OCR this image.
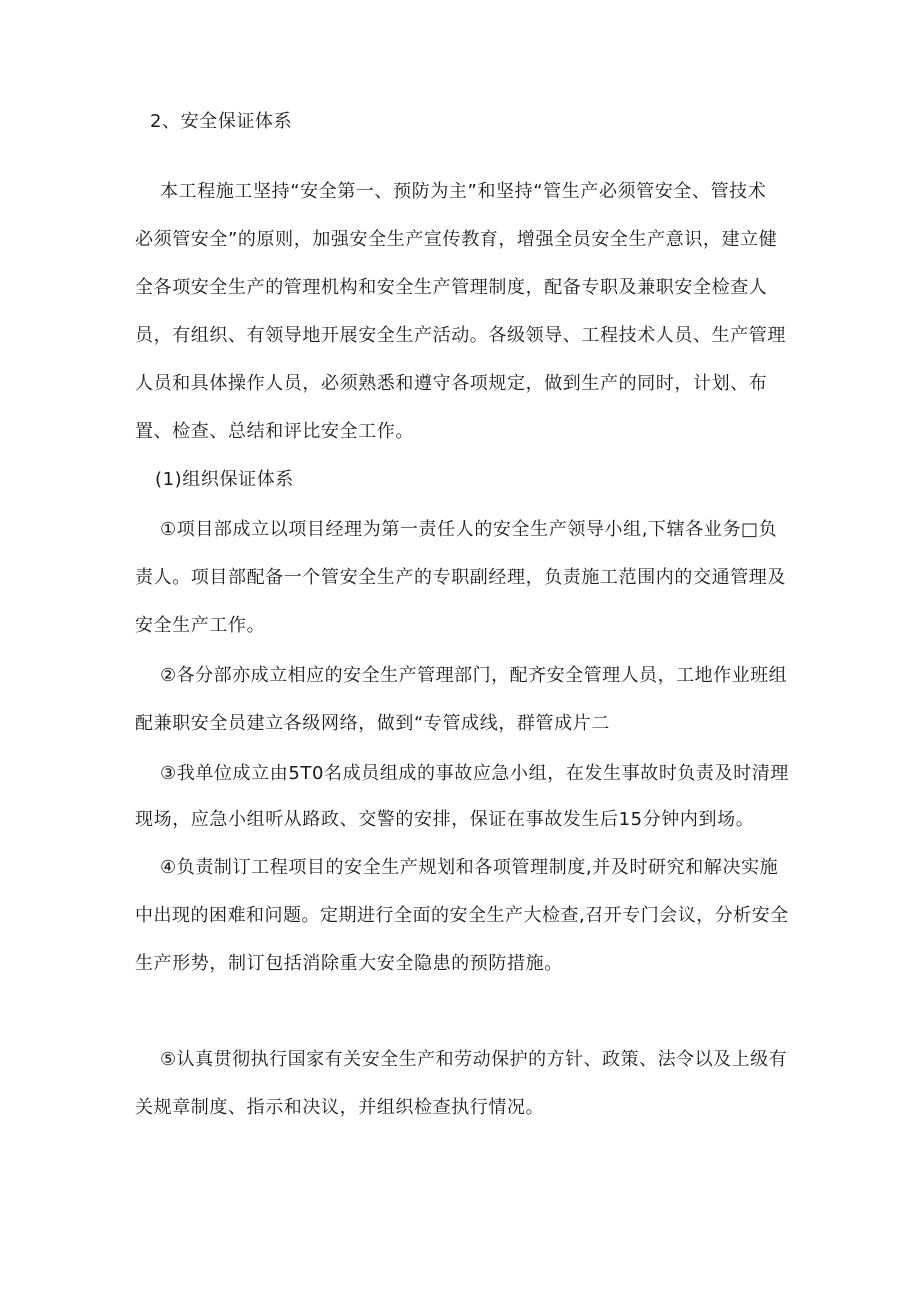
2、安全保证体系
本工程施工坚持“安全第一、预防为主”和坚持“管生产必须管安全、管技术
必须管安全”的原则，加强安全生产宣传教育，增强全员安全生产意识，建立健
全各项安全生产的管理机构和安全生产管理制度，配备专职及兼职安全检查人
员，有组织、有领导地开展安全生产活动。各级领导、工程技术人员、生产管理
人员和具体操作人员，必须熟悉和遵守各项规定，做到生产的同时，计划、布
置、检查、总结和评比安全工作。
(1)组织保证体系
①项目部成立以项目经理为第一责任人的安全生产领导小组,下辖各业务□负
责人。项目部配备一个管安全生产的专职副经理，负责施工范围内的交通管理及
安全生产工作。
②各分部亦成立相应的安全生产管理部门，配齐安全管理人员，工地作业班组
配兼职安全员建立各级网络，做到“专管成线，群管成片二
③我单位成立由5T0名成员组成的事故应急小组，在发生事故时负责及时清理
现场，应急小组听从路政、交警的安排，保证在事故发生后15分钟内到场。
④负责制订工程项目的安全生产规划和各项管理制度,并及时研究和解决实施
中出现的困难和问题。定期进行全面的安全生产大检查,召开专门会议，分析安全
生产形势，制订包括消除重大安全隐患的预防措施。
⑤认真贯彻执行国家有关安全生产和劳动保护的方针、政策、法令以及上级有
关规章制度、指示和决议，并组织检查执行情况。
